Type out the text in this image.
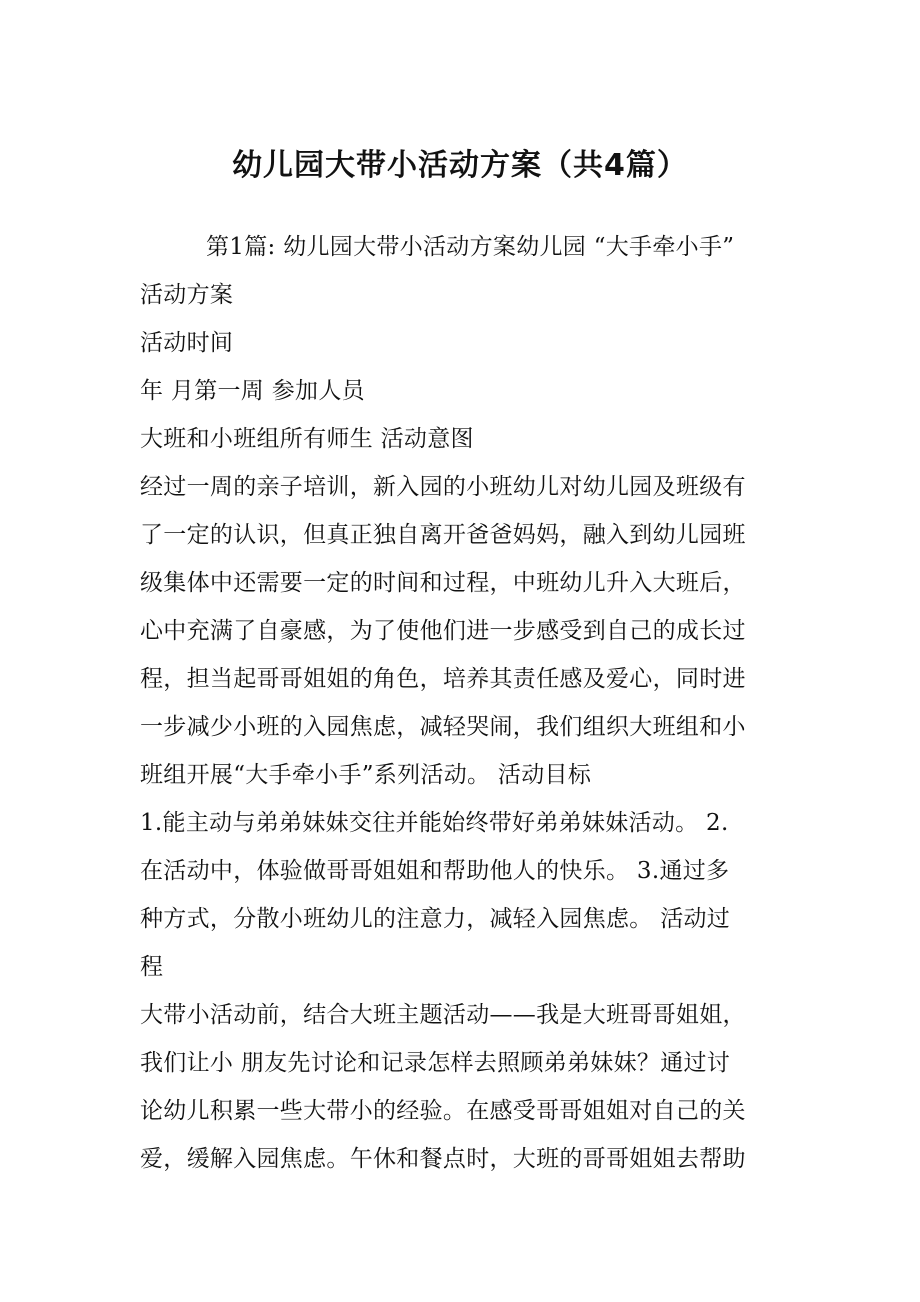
幼儿园大带小活动方案（共4篇）
第1篇: 幼儿园大带小活动方案幼儿园 “大手牵小手”
活动方案
活动时间
年 月第一周 参加人员
大班和小班组所有师生 活动意图
经过一周的亲子培训，新入园的小班幼儿对幼儿园及班级有
了一定的认识，但真正独自离开爸爸妈妈，融入到幼儿园班
级集体中还需要一定的时间和过程，中班幼儿升入大班后，
心中充满了自豪感，为了使他们进一步感受到自己的成长过
程，担当起哥哥姐姐的角色，培养其责任感及爱心，同时进
一步减少小班的入园焦虑，减轻哭闹，我们组织大班组和小
班组开展“大手牵小手”系列活动。 活动目标
1.能主动与弟弟妹妹交往并能始终带好弟弟妹妹活动。 2.
在活动中，体验做哥哥姐姐和帮助他人的快乐。 3.通过多
种方式，分散小班幼儿的注意力，减轻入园焦虑。 活动过
程
大带小活动前，结合大班主题活动——我是大班哥哥姐姐，
我们让小 朋友先讨论和记录怎样去照顾弟弟妹妹？通过讨
论幼儿积累一些大带小的经验。在感受哥哥姐姐对自己的关
爱，缓解入园焦虑。午休和餐点时，大班的哥哥姐姐去帮助
